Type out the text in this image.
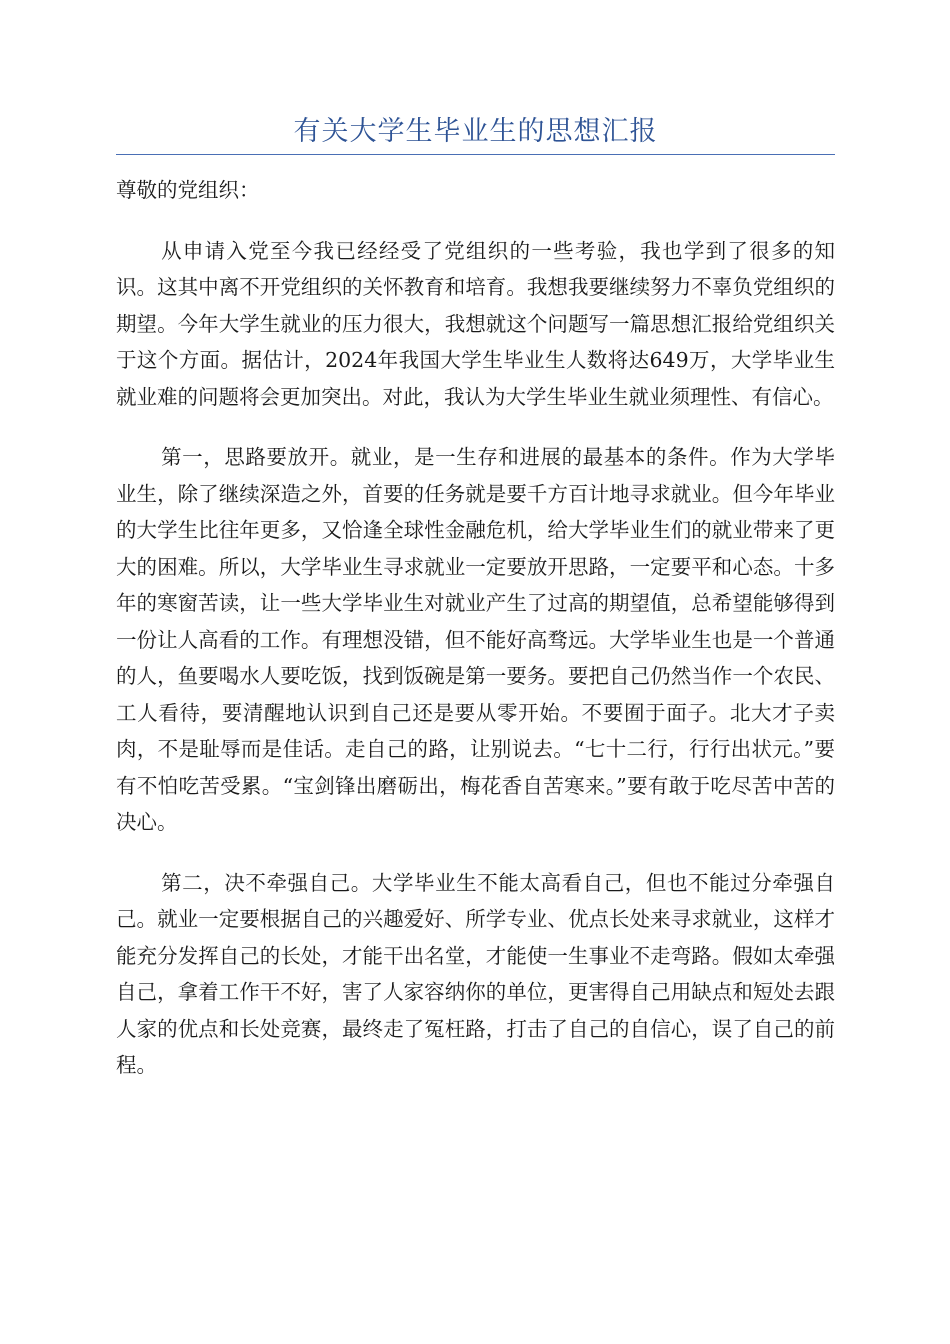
有关大学生毕业生的思想汇报

尊敬的党组织：

从申请入党至今我已经经受了党组织的一些考验，我也学到了很多的知识。这其中离不开党组织的关怀教育和培育。我想我要继续努力不辜负党组织的期望。今年大学生就业的压力很大，我想就这个问题写一篇思想汇报给党组织关于这个方面。据估计，2024年我国大学生毕业生人数将达649万，大学毕业生就业难的问题将会更加突出。对此，我认为大学生毕业生就业须理性、有信心。

第一，思路要放开。就业，是一生存和进展的最基本的条件。作为大学毕业生，除了继续深造之外，首要的任务就是要千方百计地寻求就业。但今年毕业的大学生比往年更多，又恰逢全球性金融危机，给大学毕业生们的就业带来了更大的困难。所以，大学毕业生寻求就业一定要放开思路，一定要平和心态。十多年的寒窗苦读，让一些大学毕业生对就业产生了过高的期望值，总希望能够得到一份让人高看的工作。有理想没错，但不能好高骛远。大学毕业生也是一个普通的人，鱼要喝水人要吃饭，找到饭碗是第一要务。要把自己仍然当作一个农民、工人看待，要清醒地认识到自己还是要从零开始。不要囿于面子。北大才子卖肉，不是耻辱而是佳话。走自己的路，让别说去。“七十二行，行行出状元。”要有不怕吃苦受累。“宝剑锋出磨砺出，梅花香自苦寒来。”要有敢于吃尽苦中苦的决心。

第二，决不牵强自己。大学毕业生不能太高看自己，但也不能过分牵强自己。就业一定要根据自己的兴趣爱好、所学专业、优点长处来寻求就业，这样才能充分发挥自己的长处，才能干出名堂，才能使一生事业不走弯路。假如太牵强自己，拿着工作干不好，害了人家容纳你的单位，更害得自己用缺点和短处去跟人家的优点和长处竞赛，最终走了冤枉路，打击了自己的自信心，误了自己的前程。
